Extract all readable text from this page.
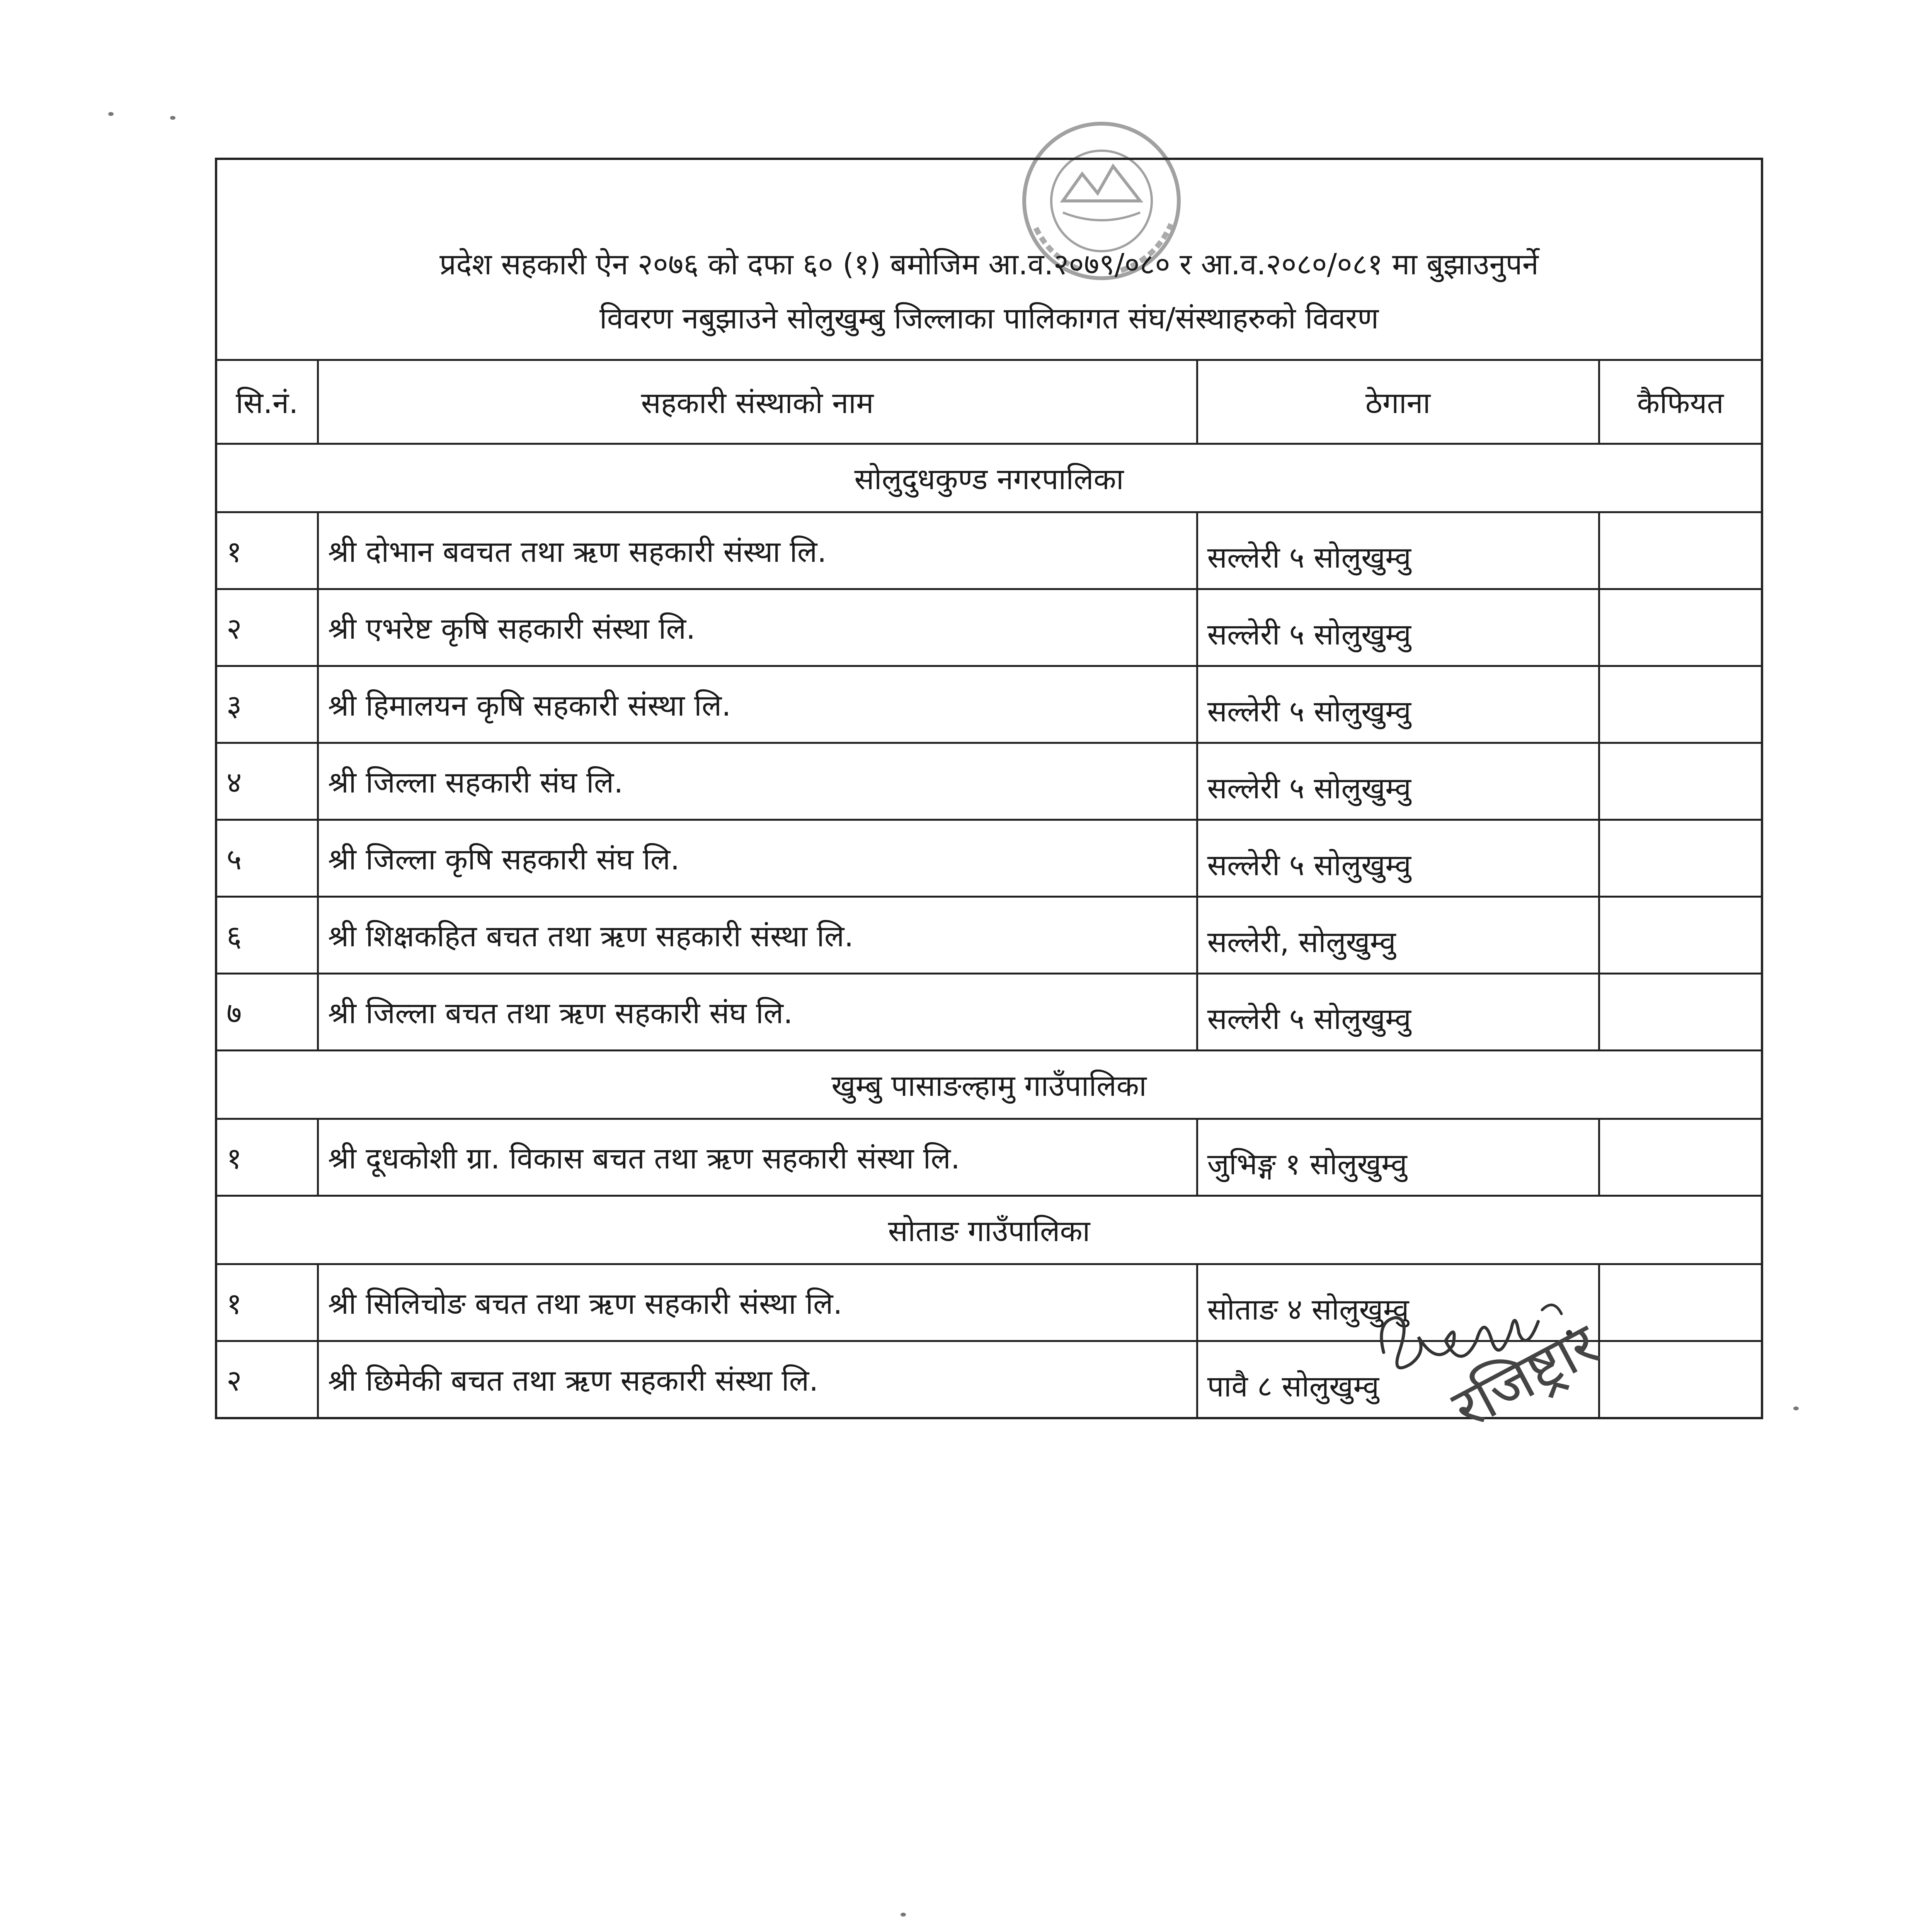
प्रदेश सहकारी ऐन २०७६ को दफा ६० (१) बमोजिम आ.व.२०७९/०८० र आ.व.२०८०/०८१ मा बुझाउनुपर्ने
विवरण नबुझाउने सोलुखुम्बु जिल्लाका पालिकागत संघ/संस्थाहरुको विवरण
सि.नं.	सहकारी संस्थाको नाम	ठेगाना	कैफियत
सोलुदुधकुण्ड नगरपालिका			
१	श्री दोभान बवचत तथा ऋण सहकारी संस्था लि.	सल्लेरी ५ सोलुखुम्वु	
२	श्री एभरेष्ट कृषि सहकारी संस्था लि.	सल्लेरी ५ सोलुखुम्वु	
३	श्री हिमालयन कृषि सहकारी संस्था लि.	सल्लेरी ५ सोलुखुम्वु	
४	श्री जिल्ला सहकारी संघ लि.	सल्लेरी ५ सोलुखुम्वु	
५	श्री जिल्ला कृषि सहकारी संघ लि.	सल्लेरी ५ सोलुखुम्वु	
६	श्री शिक्षकहित बचत तथा ऋण सहकारी संस्था लि.	सल्लेरी, सोलुखुम्वु	
७	श्री जिल्ला बचत तथा ऋण सहकारी संघ लि.	सल्लेरी ५ सोलुखुम्वु	
खुम्बु पासाङल्हामु गाउँपालिका			
१	श्री दूधकोशी ग्रा. विकास बचत तथा ऋण सहकारी संस्था लि.	जुभिङ्ग १ सोलुखुम्वु	
सोताङ गाउँपालिका			
१	श्री सिलिचोङ बचत तथा ऋण सहकारी संस्था लि.	सोताङ ४ सोलुखुम्वु	
२	श्री छिमेकी बचत तथा ऋण सहकारी संस्था लि.	पावै ८ सोलुखुम्वु	रजिष्ट्रार
